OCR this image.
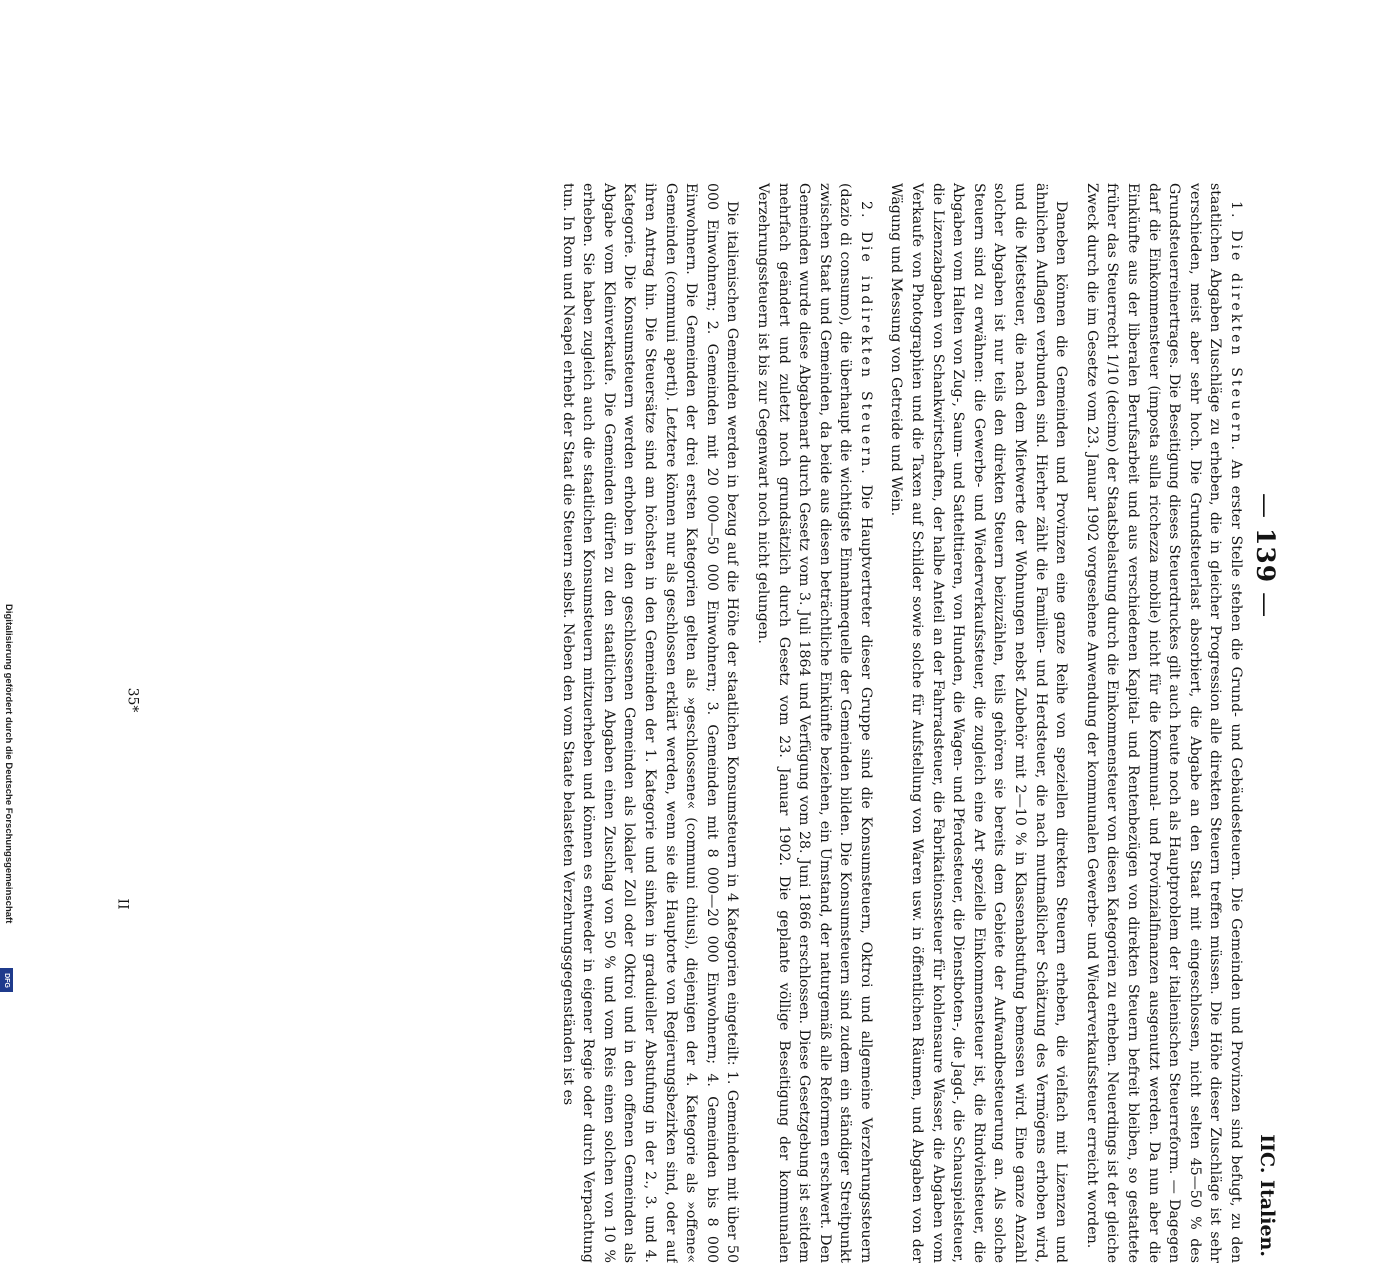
Digitalisierung gefördert durch die Deutsche Forschungsgemeinschaft
DFG
II
35*
— 139 —
IIC. Italien.

1. Die direkten Steuern. An erster Stelle stehen die Grund- und Gebäudesteuern. Die Gemeinden und Provinzen sind befugt, zu den staatlichen Abgaben Zuschläge zu erheben, die in gleicher Progression alle direkten Steuern treffen müssen. Die Höhe dieser Zuschläge ist sehr verschieden, meist aber sehr hoch. Die Grundsteuerlast absorbiert, die Abgabe an den Staat mit eingeschlossen, nicht selten 45—50 % des Grundsteuerreinertrages. Die Beseitigung dieses Steuerdruckes gilt auch heute noch als Hauptproblem der italienischen Steuerreform. — Dagegen darf die Einkommensteuer (imposta sulla ricchezza mobile) nicht für die Kommunal- und Provinzialfinanzen ausgenutzt werden. Da nun aber die Einkünfte aus der liberalen Berufsarbeit und aus verschiedenen Kapital- und Rentenbezügen von direkten Steuern befreit bleiben, so gestattete früher das Steuerrecht 1/10 (decimo) der Staatsbelastung durch die Einkommensteuer von diesen Kategorien zu erheben. Neuerdings ist der gleiche Zweck durch die im Gesetze vom 23. Januar 1902 vorgesehene Anwendung der kommunalen Gewerbe- und Wiederverkaufssteuer erreicht worden.

Daneben können die Gemeinden und Provinzen eine ganze Reihe von speziellen direkten Steuern erheben, die vielfach mit Lizenzen und ähnlichen Auflagen verbunden sind. Hierher zählt die Familien- und Herdsteuer, die nach mutmaßlicher Schätzung des Vermögens erhoben wird, und die Mietsteuer, die nach dem Mietwerte der Wohnungen nebst Zubehör mit 2—10 % in Klassenabstufung bemessen wird. Eine ganze Anzahl solcher Abgaben ist nur teils den direkten Steuern beizuzählen, teils gehören sie bereits dem Gebiete der Aufwandbesteuerung an. Als solche Steuern sind zu erwähnen: die Gewerbe- und Wiederverkaufssteuer, die zugleich eine Art spezielle Einkommensteuer ist, die Rindviehsteuer, die Abgaben vom Halten von Zug-, Saum- und Sattelttieren, von Hunden, die Wagen- und Pferdesteuer, die Dienstboten-, die Jagd-, die Schauspielsteuer, die Lizenzabgaben von Schankwirtschaften, der halbe Anteil an der Fahrradsteuer, die Fabrikationssteuer für kohlensaure Wasser, die Abgaben vom Verkaufe von Photographien und die Taxen auf Schilder sowie solche für Aufstellung von Waren usw. in öffentlichen Räumen, und Abgaben von der Wägung und Messung von Getreide und Wein.

2. Die indirekten Steuern. Die Hauptvertreter dieser Gruppe sind die Konsumsteuern, Oktroi und allgemeine Verzehrungssteuern (dazio di consumo), die überhaupt die wichtigste Einnahmequelle der Gemeinden bilden. Die Konsumsteuern sind zudem ein ständiger Streitpunkt zwischen Staat und Gemeinden, da beide aus diesen beträchtliche Einkünfte beziehen, ein Umstand, der naturgemäß alle Reformen erschwert. Den Gemeinden wurde diese Abgabenart durch Gesetz vom 3. Juli 1864 und Verfügung vom 28. Juni 1866 erschlossen. Diese Gesetzgebung ist seitdem mehrfach geändert und zuletzt noch grundsätzlich durch Gesetz vom 23. Januar 1902. Die geplante völlige Beseitigung der kommunalen Verzehrungssteuern ist bis zur Gegenwart noch nicht gelungen.

Die italienischen Gemeinden werden in bezug auf die Höhe der staatlichen Konsumsteuern in 4 Kategorien eingeteilt: 1. Gemeinden mit über 50 000 Einwohnern; 2. Gemeinden mit 20 000—50 000 Einwohnern; 3. Gemeinden mit 8 000—20 000 Einwohnern; 4. Gemeinden bis 8 000 Einwohnern. Die Gemeinden der drei ersten Kategorien gelten als »geschlossene« (communi chiusi), diejenigen der 4. Kategorie als »offene« Gemeinden (communi aperti). Letztere können nur als geschlossen erklärt werden, wenn sie die Hauptorte von Regierungsbezirken sind, oder auf ihren Antrag hin. Die Steuersätze sind am höchsten in den Gemeinden der 1. Kategorie und sinken in graduieller Abstufung in der 2., 3. und 4. Kategorie. Die Konsumsteuern werden erhoben in den geschlossenen Gemeinden als lokaler Zoll oder Oktroi und in den offenen Gemeinden als Abgabe vom Kleinverkaufe. Die Gemeinden dürfen zu den staatlichen Abgaben einen Zuschlag von 50 % und vom Reis einen solchen von 10 % erheben. Sie haben zugleich auch die staatlichen Konsumsteuern mitzuerheben und können es entweder in eigener Regie oder durch Verpachtung tun. In Rom und Neapel erhebt der Staat die Steuern selbst. Neben den vom Staate belasteten Verzehrungsgegenständen ist es
